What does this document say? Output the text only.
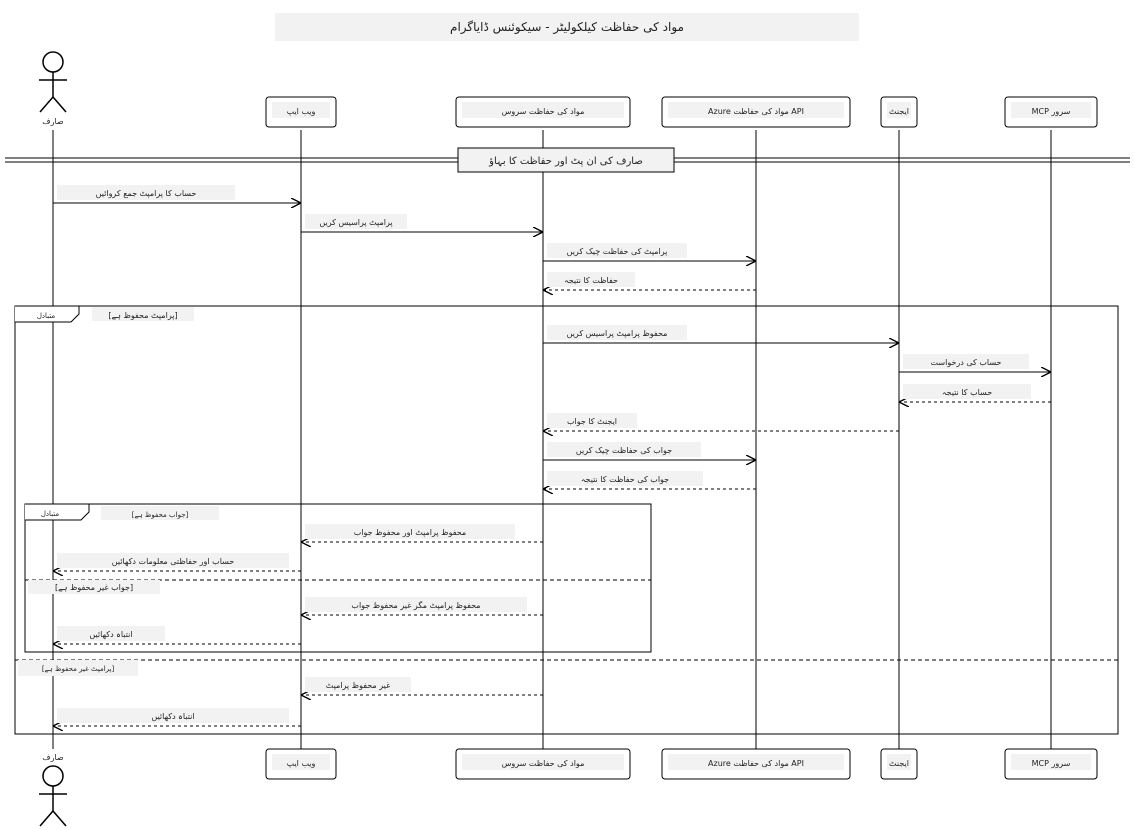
مواد کی حفاظت کیلکولیٹر - سیکوئنس ڈایاگرام
صارف کی ان پٹ اور حفاظت کا بہاؤ
متبادل	[پرامپٹ محفوظ ہے]
[پرامپٹ غیر محفوظ ہے]
متبادل	[جواب محفوظ ہے]
[جواب غیر محفوظ ہے]
حساب کا پرامپٹ جمع کروائیں
پرامپٹ پراسیس کریں
پرامپٹ کی حفاظت چیک کریں
حفاظت کا نتیجہ
محفوظ پرامپٹ پراسیس کریں
حساب کی درخواست
حساب کا نتیجہ
ایجنٹ کا جواب
جواب کی حفاظت چیک کریں
جواب کی حفاظت کا نتیجہ
محفوظ پرامپٹ اور محفوظ جواب
حساب اور حفاظتی معلومات دکھائیں
محفوظ پرامپٹ مگر غیر محفوظ جواب
انتباہ دکھائیں
غیر محفوظ پرامپٹ
انتباہ دکھائیں
صارف
صارف
ویب ایپ
ویب ایپ
مواد کی حفاظت سروس
مواد کی حفاظت سروس
Azure مواد کی حفاظت API
Azure مواد کی حفاظت API
ایجنٹ
ایجنٹ
MCP سرور
MCP سرور
